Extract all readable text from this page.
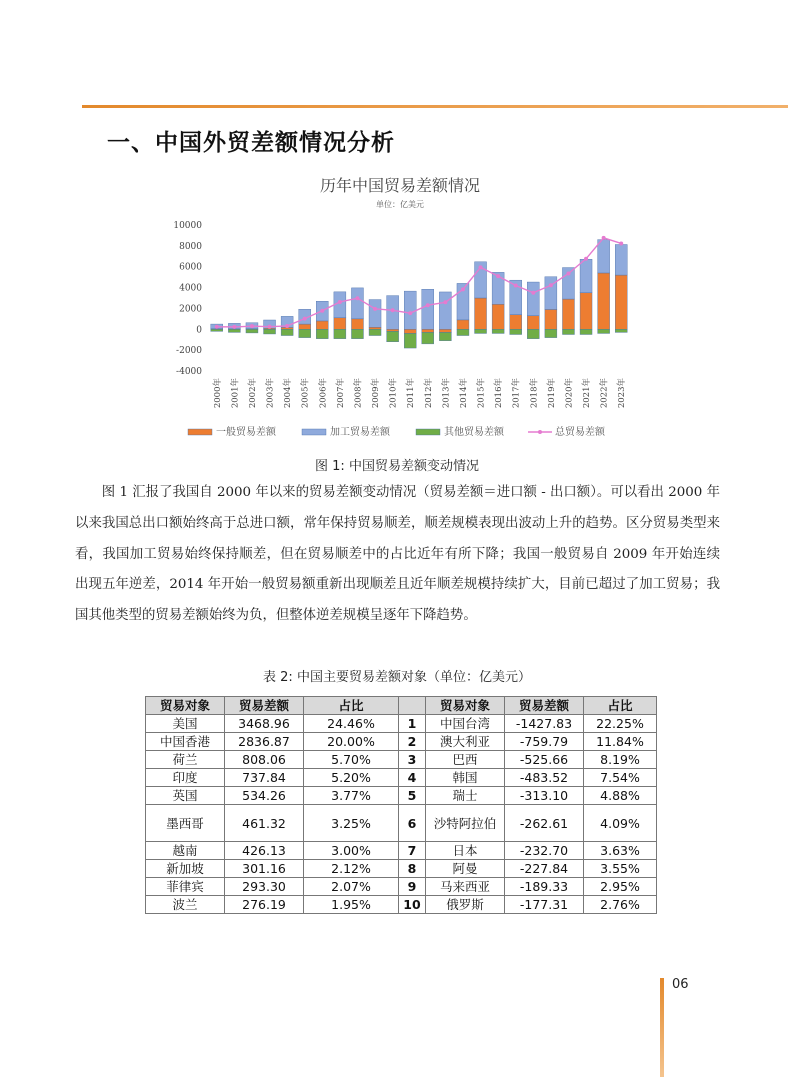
一、中国外贸差额情况分析
历年中国贸易差额情况
单位：亿美元
10000
8000
6000
4000
2000
0
-2000
-4000
2000年 2001年 2002年 2003年 2004年 2005年 2006年 2007年 2008年 2009年 2010年 2011年 2012年 2013年 2014年 2015年 2016年 2017年 2018年 2019年 2020年 2021年 2022年 2023年
一般贸易差额	加工贸易差额	其他贸易差额	总贸易差额
图 1: 中国贸易差额变动情况

图 1 汇报了我国自 2000 年以来的贸易差额变动情况（贸易差额＝进口额 - 出口额）。可以看出 2000 年以来我国总出口额始终高于总进口额，常年保持贸易顺差，顺差规模表现出波动上升的趋势。区分贸易类型来看，我国加工贸易始终保持顺差，但在贸易顺差中的占比近年有所下降；我国一般贸易自 2009 年开始连续出现五年逆差，2014 年开始一般贸易额重新出现顺差且近年顺差规模持续扩大，目前已超过了加工贸易；我国其他类型的贸易差额始终为负，但整体逆差规模呈逐年下降趋势。

表 2: 中国主要贸易差额对象（单位：亿美元）
贸易对象	贸易差额	占比		贸易对象	贸易差额	占比
美国	3468.96	24.46%	1	中国台湾	-1427.83	22.25%
中国香港	2836.87	20.00%	2	澳大利亚	-759.79	11.84%
荷兰	808.06	5.70%	3	巴西	-525.66	8.19%
印度	737.84	5.20%	4	韩国	-483.52	7.54%
英国	534.26	3.77%	5	瑞士	-313.10	4.88%
墨西哥	461.32	3.25%	6	沙特阿拉伯	-262.61	4.09%
越南	426.13	3.00%	7	日本	-232.70	3.63%
新加坡	301.16	2.12%	8	阿曼	-227.84	3.55%
菲律宾	293.30	2.07%	9	马来西亚	-189.33	2.95%
波兰	276.19	1.95%	10	俄罗斯	-177.31	2.76%
06
